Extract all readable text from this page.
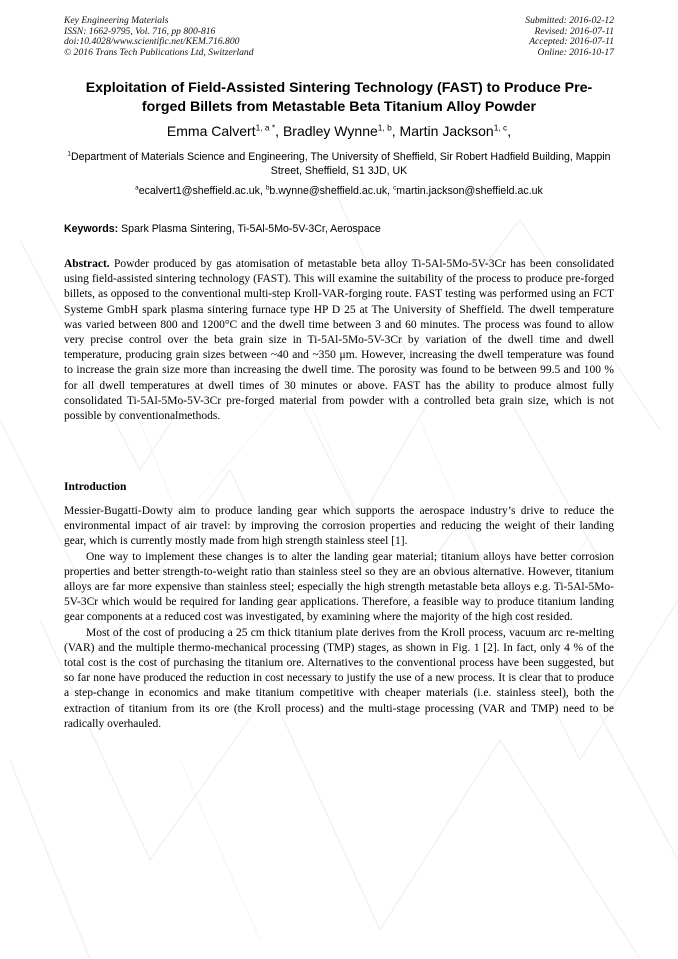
Key Engineering Materials
ISSN: 1662-9795, Vol. 716, pp 800-816
doi:10.4028/www.scientific.net/KEM.716.800
© 2016 Trans Tech Publications Ltd, Switzerland
Submitted: 2016-02-12
Revised: 2016-07-11
Accepted: 2016-07-11
Online: 2016-10-17
Exploitation of Field-Assisted Sintering Technology (FAST) to Produce Pre-forged Billets from Metastable Beta Titanium Alloy Powder
Emma Calvert$^{1, a *}$, Bradley Wynne$^{1, b}$, Martin Jackson$^{1, c}$,
$^1$Department of Materials Science and Engineering, The University of Sheffield, Sir Robert Hadfield Building, Mappin Street, Sheffield, S1 3JD, UK
$^a$ecalvert1@sheffield.ac.uk, $^b$b.wynne@sheffield.ac.uk, $^c$martin.jackson@sheffield.ac.uk
Keywords: Spark Plasma Sintering, Ti-5Al-5Mo-5V-3Cr, Aerospace
Abstract. Powder produced by gas atomisation of metastable beta alloy Ti-5Al-5Mo-5V-3Cr has been consolidated using field-assisted sintering technology (FAST). This will examine the suitability of the process to produce pre-forged billets, as opposed to the conventional multi-step Kroll-VAR-forging route. FAST testing was performed using an FCT Systeme GmbH spark plasma sintering furnace type HP D 25 at The University of Sheffield. The dwell temperature was varied between 800 and 1200°C and the dwell time between 3 and 60 minutes. The process was found to allow very precise control over the beta grain size in Ti-5Al-5Mo-5V-3Cr by variation of the dwell time and dwell temperature, producing grain sizes between ~40 and ~350 μm. However, increasing the dwell temperature was found to increase the grain size more than increasing the dwell time. The porosity was found to be between 99.5 and 100 % for all dwell temperatures at dwell times of 30 minutes or above. FAST has the ability to produce almost fully consolidated Ti-5Al-5Mo-5V-3Cr pre-forged material from powder with a controlled beta grain size, which is not possible by conventionalmethods.
Introduction

Messier-Bugatti-Dowty aim to produce landing gear which supports the aerospace industry’s drive to reduce the environmental impact of air travel: by improving the corrosion properties and reducing the weight of their landing gear, which is currently mostly made from high strength stainless steel [1].

One way to implement these changes is to alter the landing gear material; titanium alloys have better corrosion properties and better strength-to-weight ratio than stainless steel so they are an obvious alternative. However, titanium alloys are far more expensive than stainless steel; especially the high strength metastable beta alloys e.g. Ti-5Al-5Mo-5V-3Cr which would be required for landing gear applications. Therefore, a feasible way to produce titanium landing gear components at a reduced cost was investigated, by examining where the majority of the high cost resided.

Most of the cost of producing a 25 cm thick titanium plate derives from the Kroll process, vacuum arc re-melting (VAR) and the multiple thermo-mechanical processing (TMP) stages, as shown in Fig. 1 [2]. In fact, only 4 % of the total cost is the cost of purchasing the titanium ore. Alternatives to the conventional process have been suggested, but so far none have produced the reduction in cost necessary to justify the use of a new process. It is clear that to produce a step-change in economics and make titanium competitive with cheaper materials (i.e. stainless steel), both the extraction of titanium from its ore (the Kroll process) and the multi-stage processing (VAR and TMP) need to be radically overhauled.
